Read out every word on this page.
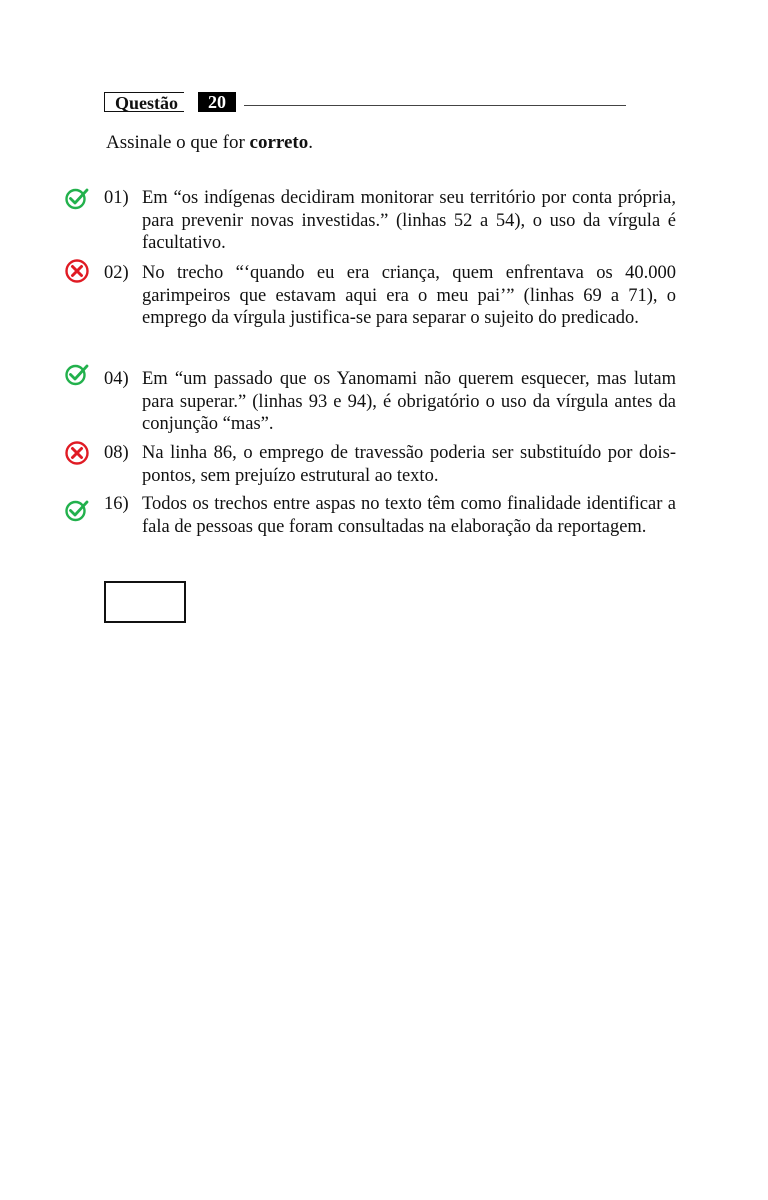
Questão	20
Assinale o que for correto.
01) Em “os indígenas decidiram monitorar seu território por conta própria, para prevenir novas investidas.” (linhas 52 a 54), o uso da vírgula é facultativo.
02) No trecho “‘quando eu era criança, quem enfrentava os 40.000 garimpeiros que estavam aqui era o meu pai’” (linhas 69 a 71), o emprego da vírgula justifica-se para separar o sujeito do predicado.
04) Em “um passado que os Yanomami não querem esquecer, mas lutam para superar.” (linhas 93 e 94), é obrigatório o uso da vírgula antes da conjunção “mas”.
08) Na linha 86, o emprego de travessão poderia ser substituído por dois-pontos, sem prejuízo estrutural ao texto.
16) Todos os trechos entre aspas no texto têm como finalidade identificar a fala de pessoas que foram consultadas na elaboração da reportagem.
